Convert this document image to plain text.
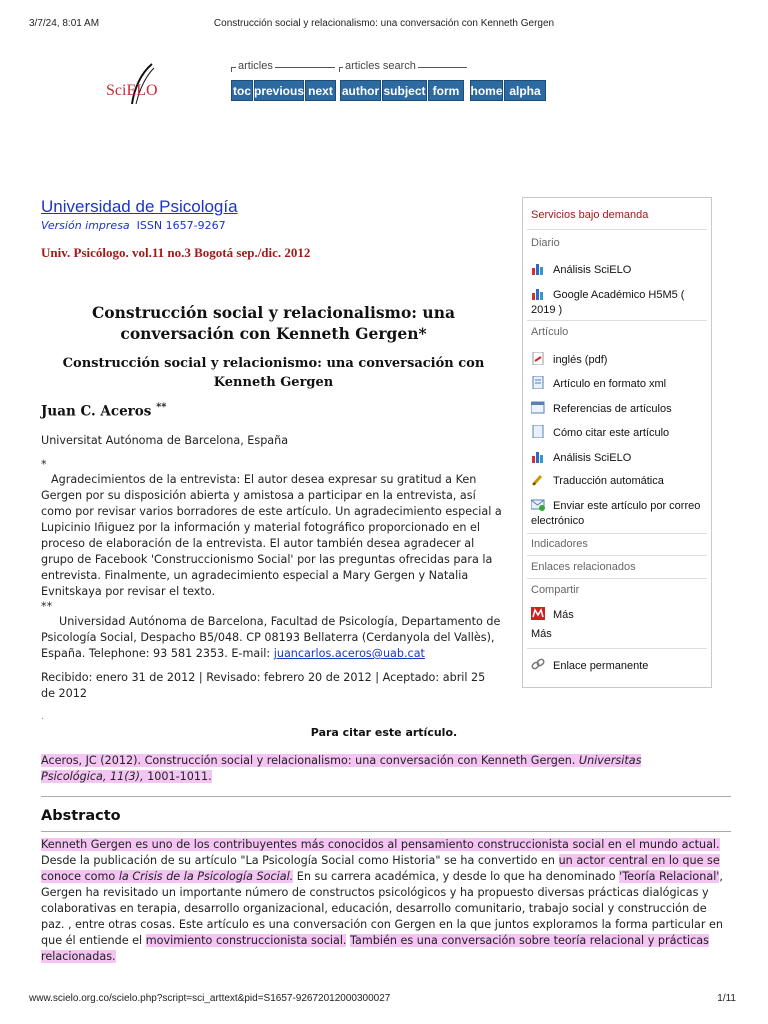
3/7/24, 8:01 AM	Construcción social y relacionalismo: una conversación con Kenneth Gergen
SciELO
articles	articles search
toc previous next author subject form home alpha
Universidad de Psicología
Versión impresa ISSN 1657-9267
Univ. Psicólogo. vol.11 no.3 Bogotá sep./dic. 2012
Construcción social y relacionalismo: una conversación con Kenneth Gergen*
Construcción social y relacionismo: una conversación con Kenneth Gergen
Juan C. Aceros **
Universitat Autónoma de Barcelona, España
*
Agradecimientos de la entrevista: El autor desea expresar su gratitud a Ken Gergen por su disposición abierta y amistosa a participar en la entrevista, así como por revisar varios borradores de este artículo. Un agradecimiento especial a Lupicinio Iñiguez por la información y material fotográfico proporcionado en el proceso de elaboración de la entrevista. El autor también desea agradecer al grupo de Facebook 'Construccionismo Social' por las preguntas ofrecidas para la entrevista. Finalmente, un agradecimiento especial a Mary Gergen y Natalia Evnitskaya por revisar el texto.
**
Universidad Autónoma de Barcelona, Facultad de Psicología, Departamento de Psicología Social, Despacho B5/048. CP 08193 Bellaterra (Cerdanyola del Vallès), España. Telephone: 93 581 2353. E-mail: juancarlos.aceros@uab.cat
Recibido: enero 31 de 2012 | Revisado: febrero 20 de 2012 | Aceptado: abril 25 de 2012
Servicios bajo demanda
Diario
Análisis SciELO
Google Académico H5M5 ( 2019 )
Artículo
inglés (pdf)
Artículo en formato xml
Referencias de artículos
Cómo citar este artículo
Análisis SciELO
Traducción automática
Enviar este artículo por correo electrónico
Indicadores
Enlaces relacionados
Compartir
Más
Más
Enlace permanente
.
Para citar este artículo.
Aceros, JC (2012). Construcción social y relacionalismo: una conversación con Kenneth Gergen. Universitas Psicológica, 11(3), 1001-1011.
Abstracto
Kenneth Gergen es uno de los contribuyentes más conocidos al pensamiento construccionista social en el mundo actual. Desde la publicación de su artículo "La Psicología Social como Historia" se ha convertido en un actor central en lo que se conoce como la Crisis de la Psicología Social. En su carrera académica, y desde lo que ha denominado 'Teoría Relacional', Gergen ha revisitado un importante número de constructos psicológicos y ha propuesto diversas prácticas dialógicas y colaborativas en terapia, desarrollo organizacional, educación, desarrollo comunitario, trabajo social y construcción de paz. , entre otras cosas. Este artículo es una conversación con Gergen en la que juntos exploramos la forma particular en que él entiende el movimiento construccionista social. También es una conversación sobre teoría relacional y prácticas relacionadas.
www.scielo.org.co/scielo.php?script=sci_arttext&pid=S1657-92672012000300027	1/11
